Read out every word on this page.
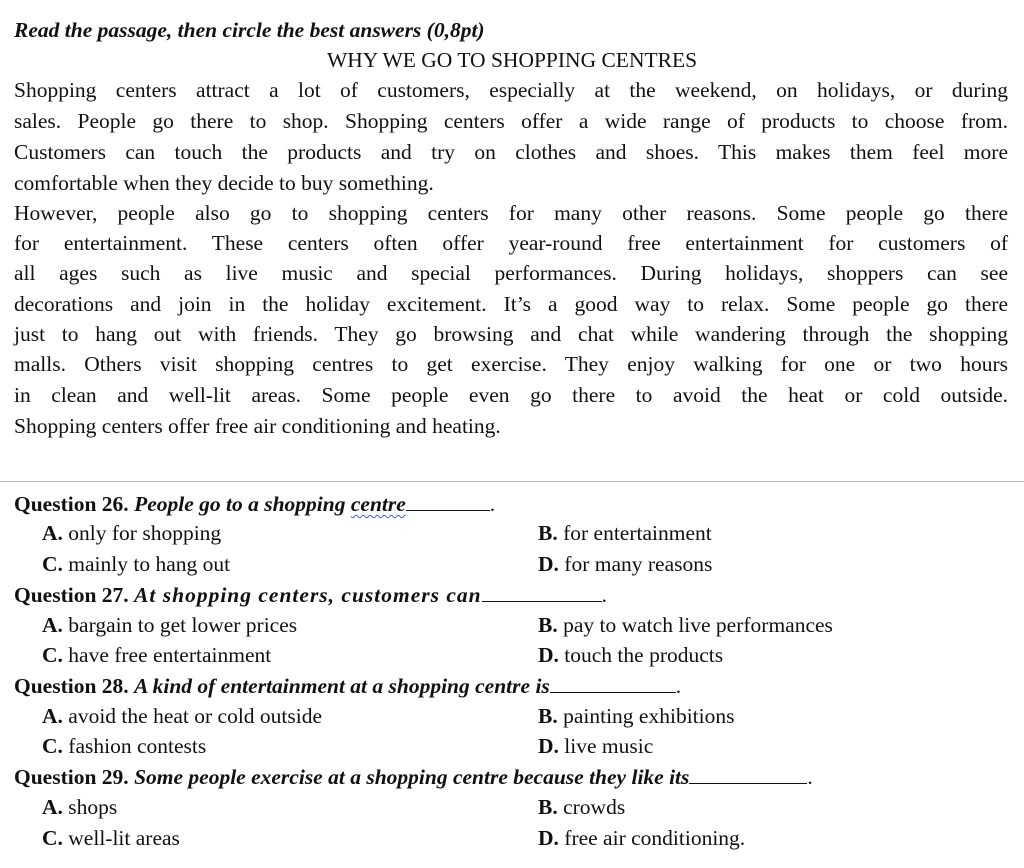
Read the passage, then circle the best answers (0,8pt)
WHY WE GO TO SHOPPING CENTRES
Shopping centers attract a lot of customers, especially at the weekend, on holidays, or during
sales. People go there to shop. Shopping centers offer a wide range of products to choose from.
Customers can touch the products and try on clothes and shoes. This makes them feel more
comfortable when they decide to buy something.
However, people also go to shopping centers for many other reasons. Some people go there
for entertainment. These centers often offer year-round free entertainment for customers of
all ages such as live music and special performances. During holidays, shoppers can see
decorations and join in the holiday excitement. It’s a good way to relax. Some people go there
just to hang out with friends. They go browsing and chat while wandering through the shopping
malls. Others visit shopping centres to get exercise. They enjoy walking for one or two hours
in clean and well-lit areas. Some people even go there to avoid the heat or cold outside.
Shopping centers offer free air conditioning and heating.
Question 26. People go to a shopping centre	.
A. only for shopping	B. for entertainment
C. mainly to hang out	D. for many reasons
Question 27. At shopping centers, customers can	.
A. bargain to get lower prices	B. pay to watch live performances
C. have free entertainment	D. touch the products
Question 28. A kind of entertainment at a shopping centre is	.
A. avoid the heat or cold outside	B. painting exhibitions
C. fashion contests	D. live music
Question 29. Some people exercise at a shopping centre because they like its	.
A. shops	B. crowds
C. well-lit areas	D. free air conditioning.
